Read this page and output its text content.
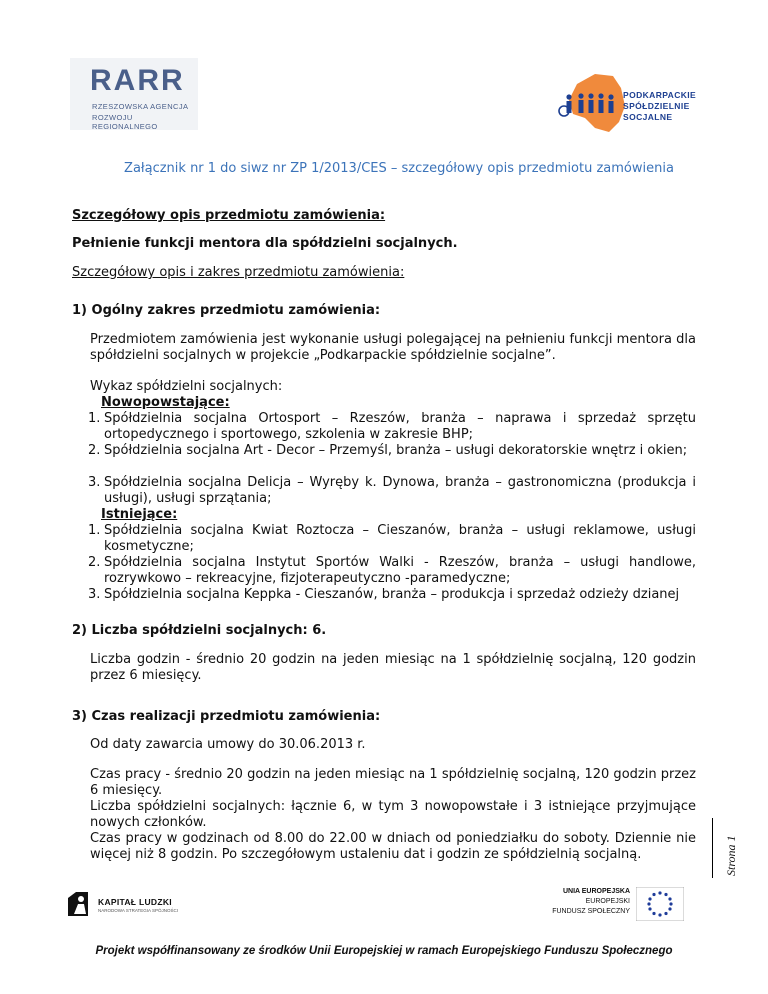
RARR
RZESZOWSKA AGENCJA
ROZWOJU REGIONALNEGO
PODKARPACKIE
SPÓŁDZIELNIE
SOCJALNE
Załącznik nr 1 do siwz nr ZP 1/2013/CES – szczegółowy opis przedmiotu zamówienia
Szczegółowy opis przedmiotu zamówienia:
Pełnienie funkcji mentora dla spółdzielni socjalnych.
Szczegółowy opis i zakres przedmiotu zamówienia:
1) Ogólny zakres przedmiotu zamówienia:
Przedmiotem zamówienia jest wykonanie usługi polegającej na pełnieniu funkcji mentora dla spółdzielni socjalnych w projekcie „Podkarpackie spółdzielnie socjalne”.
Wykaz spółdzielni socjalnych:
Nowopowstające:
1. Spółdzielnia socjalna Ortosport – Rzeszów, branża – naprawa i sprzedaż sprzętu ortopedycznego i sportowego, szkolenia w zakresie BHP;
2. Spółdzielnia socjalna Art - Decor – Przemyśl, branża – usługi dekoratorskie wnętrz i okien;
3. Spółdzielnia socjalna Delicja – Wyręby k. Dynowa, branża – gastronomiczna (produkcja i usługi), usługi sprzątania;
Istniejące:
1. Spółdzielnia socjalna Kwiat Roztocza – Cieszanów, branża – usługi reklamowe, usługi kosmetyczne;
2. Spółdzielnia socjalna Instytut Sportów Walki - Rzeszów, branża – usługi handlowe, rozrywkowo – rekreacyjne, fizjoterapeutyczno -paramedyczne;
3. Spółdzielnia socjalna Keppka - Cieszanów, branża – produkcja i sprzedaż odzieży dzianej
2) Liczba spółdzielni socjalnych: 6.
Liczba godzin - średnio 20 godzin na jeden miesiąc na 1 spółdzielnię socjalną, 120 godzin przez 6 miesięcy.
3) Czas realizacji przedmiotu zamówienia:
Od daty zawarcia umowy do 30.06.2013 r.
Czas pracy - średnio 20 godzin na jeden miesiąc na 1 spółdzielnię socjalną, 120 godzin przez 6 miesięcy.
Liczba spółdzielni socjalnych: łącznie 6, w tym 3 nowopowstałe i 3 istniejące przyjmujące nowych członków.
Czas pracy w godzinach od 8.00 do 22.00 w dniach od poniedziałku do soboty. Dziennie nie więcej niż 8 godzin. Po szczegółowym ustaleniu dat i godzin ze spółdzielnią socjalną.	Strona 1
KAPITAŁ LUDZKI
NARODOWA STRATEGIA SPÓJNOŚCI
UNIA EUROPEJSKA
EUROPEJSKI
FUNDUSZ SPOŁECZNY
Projekt współfinansowany ze środków Unii Europejskiej w ramach Europejskiego Funduszu Społecznego
